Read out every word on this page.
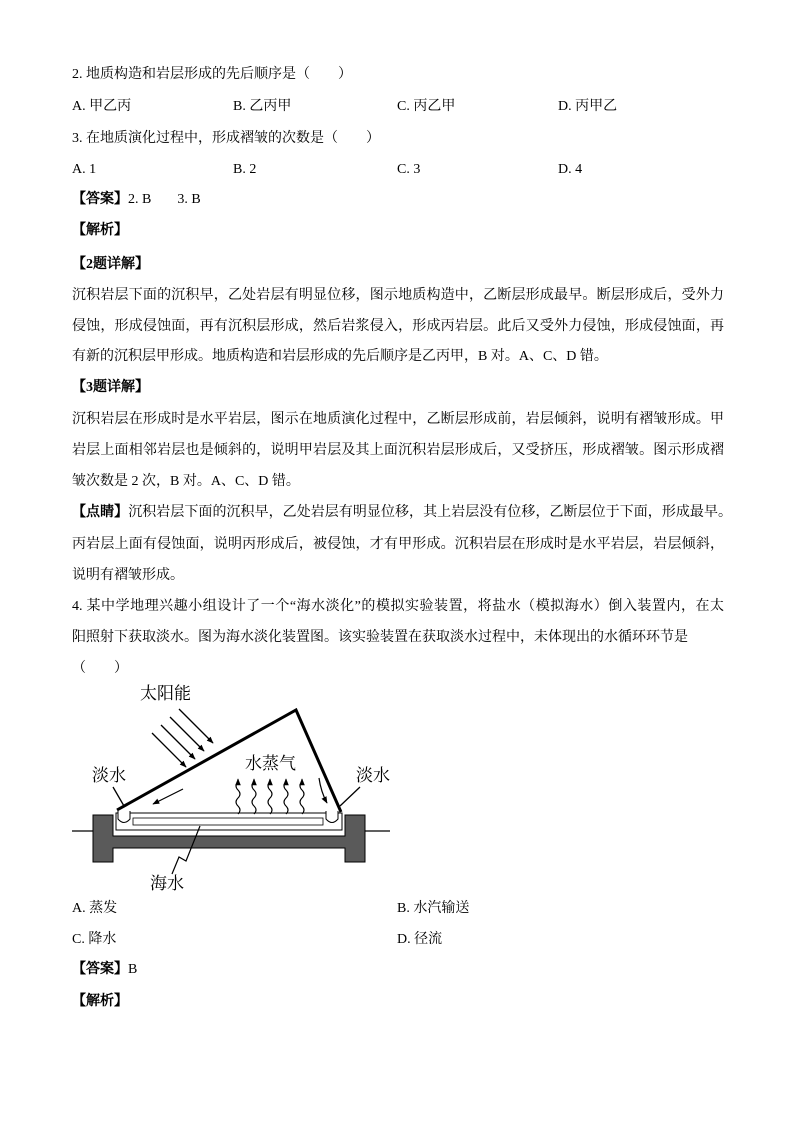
2. 地质构造和岩层形成的先后顺序是（　　）
A. 甲乙丙	B. 乙丙甲	C. 丙乙甲	D. 丙甲乙
3. 在地质演化过程中，形成褶皱的次数是（　　）
A. 1	B. 2	C. 3	D. 4
【答案】2. B 3. B
【解析】
【2题详解】
沉积岩层下面的沉积早，乙处岩层有明显位移，图示地质构造中，乙断层形成最早。断层形成后，受外力
侵蚀，形成侵蚀面，再有沉积层形成，然后岩浆侵入，形成丙岩层。此后又受外力侵蚀，形成侵蚀面，再
有新的沉积层甲形成。地质构造和岩层形成的先后顺序是乙丙甲，B 对。A、C、D 错。
【3题详解】
沉积岩层在形成时是水平岩层，图示在地质演化过程中，乙断层形成前，岩层倾斜，说明有褶皱形成。甲
岩层上面相邻岩层也是倾斜的，说明甲岩层及其上面沉积岩层形成后，又受挤压，形成褶皱。图示形成褶
皱次数是 2 次，B 对。A、C、D 错。
【点睛】沉积岩层下面的沉积早，乙处岩层有明显位移，其上岩层没有位移，乙断层位于下面，形成最早。
丙岩层上面有侵蚀面，说明丙形成后，被侵蚀，才有甲形成。沉积岩层在形成时是水平岩层，岩层倾斜，
说明有褶皱形成。
4. 某中学地理兴趣小组设计了一个“海水淡化”的模拟实验装置，将盐水（模拟海水）倒入装置内，在太
阳照射下获取淡水。图为海水淡化装置图。该实验装置在获取淡水过程中，未体现出的水循环环节是
（　　）
太阳能
水蒸气
淡水	淡水
海水
A. 蒸发	B. 水汽输送
C. 降水	D. 径流
【答案】B
【解析】
